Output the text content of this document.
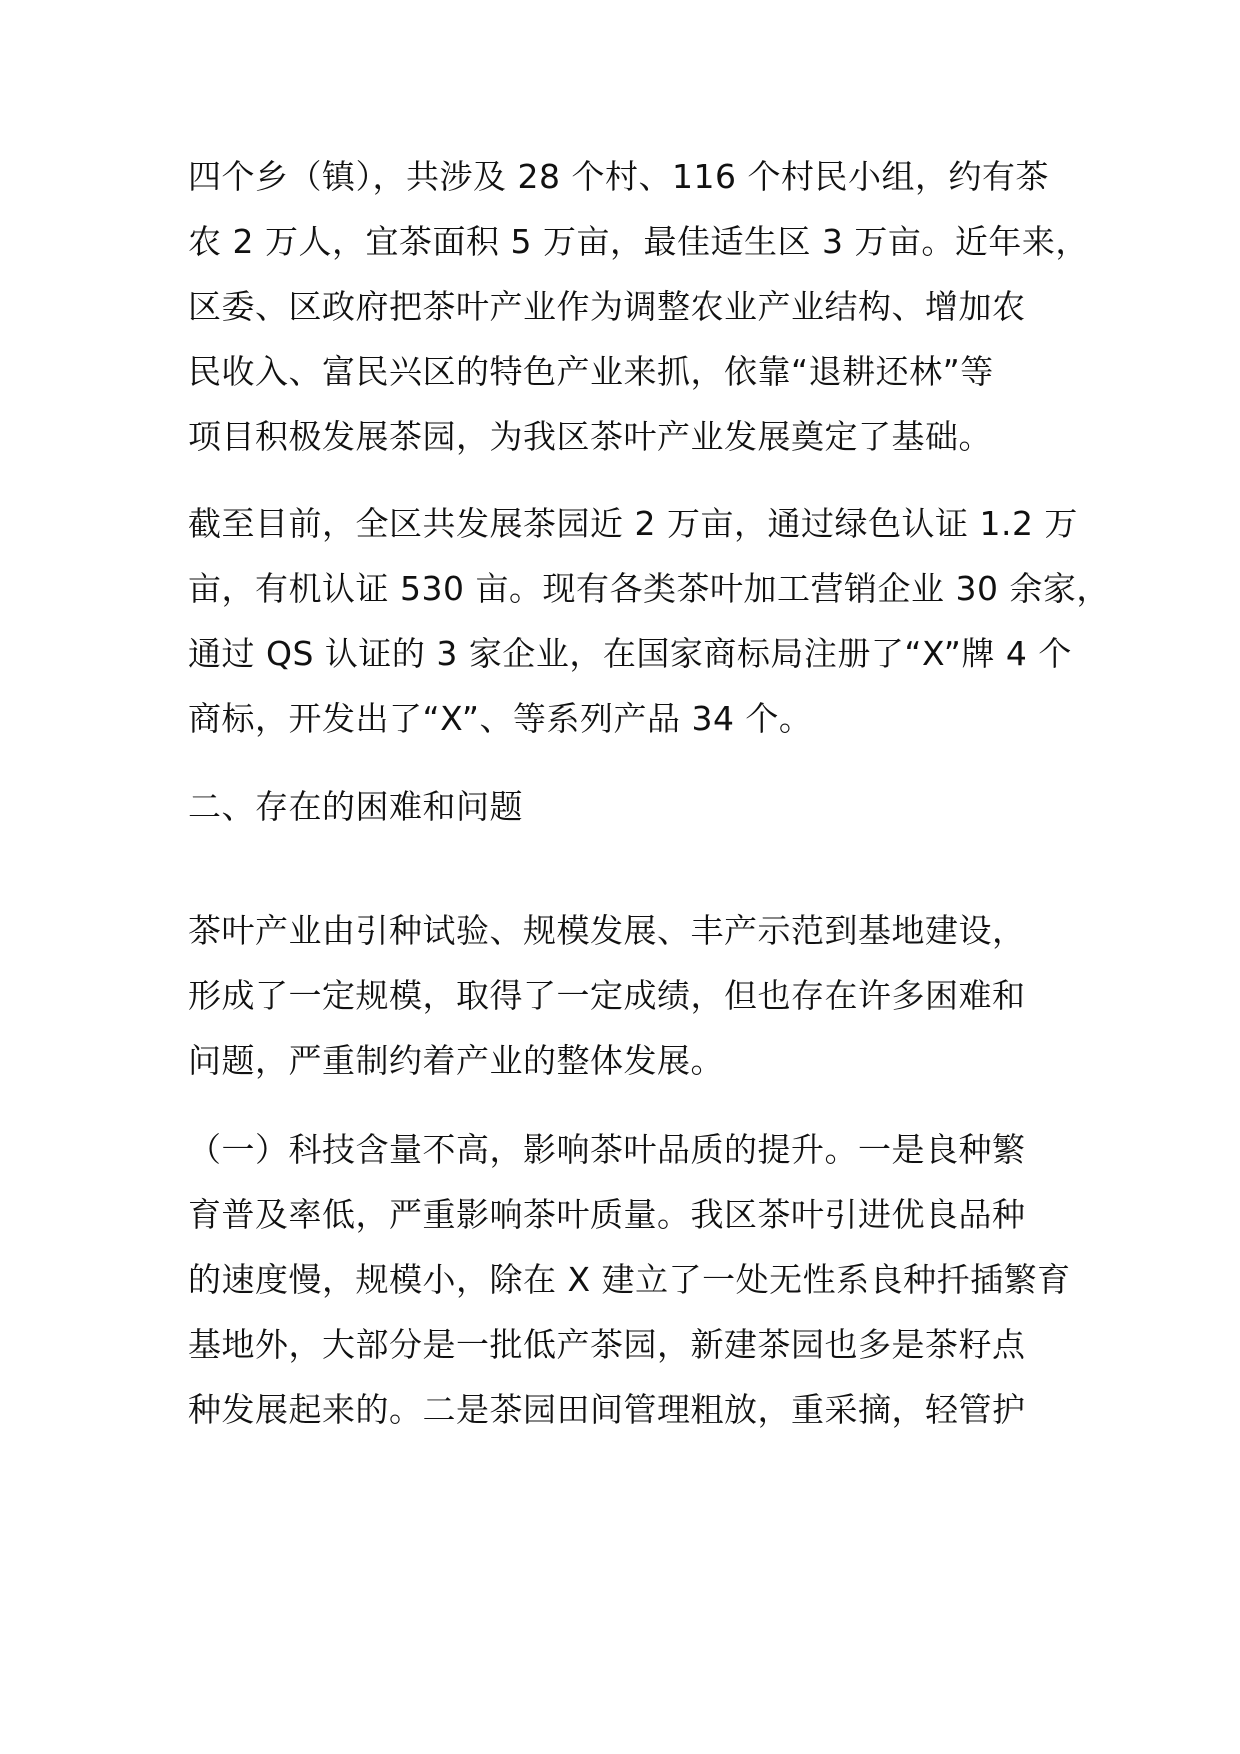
四个乡（镇），共涉及 28 个村、116 个村民小组，约有茶
农 2 万人，宜茶面积 5 万亩，最佳适生区 3 万亩。近年来，
区委、区政府把茶叶产业作为调整农业产业结构、增加农
民收入、富民兴区的特色产业来抓，依靠“退耕还林”等
项目积极发展茶园，为我区茶叶产业发展奠定了基础。
截至目前，全区共发展茶园近 2 万亩，通过绿色认证 1.2 万
亩，有机认证 530 亩。现有各类茶叶加工营销企业 30 余家，
通过 QS 认证的 3 家企业，在国家商标局注册了“X”牌 4 个
商标，开发出了“X”、等系列产品 34 个。
二、存在的困难和问题
茶叶产业由引种试验、规模发展、丰产示范到基地建设，
形成了一定规模，取得了一定成绩，但也存在许多困难和
问题，严重制约着产业的整体发展。
（一）科技含量不高，影响茶叶品质的提升。一是良种繁
育普及率低，严重影响茶叶质量。我区茶叶引进优良品种
的速度慢，规模小，除在 X 建立了一处无性系良种扦插繁育
基地外，大部分是一批低产茶园，新建茶园也多是茶籽点
种发展起来的。二是茶园田间管理粗放，重采摘，轻管护
